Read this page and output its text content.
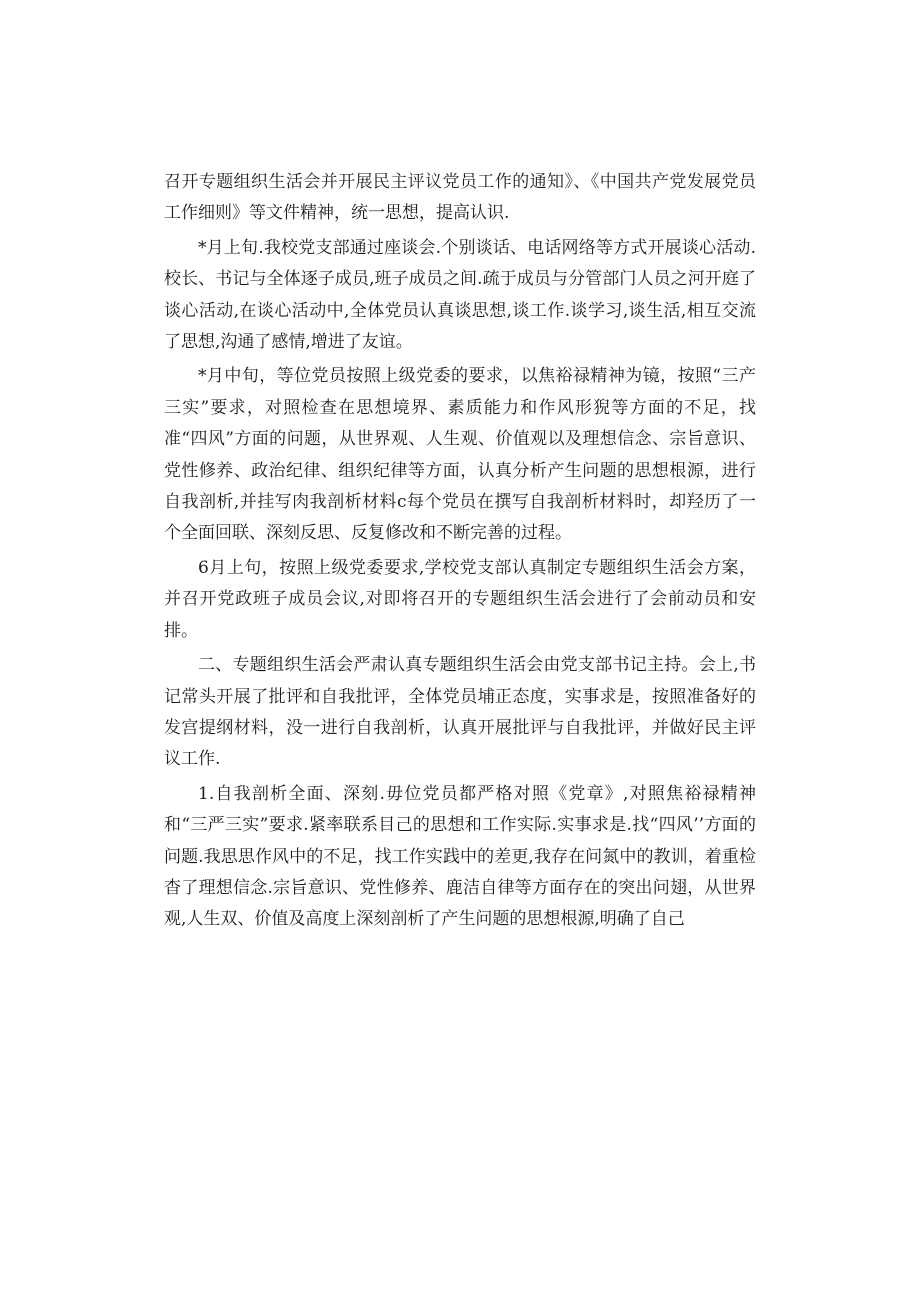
召开专题组织生活会并开展民主评议党员工作的通知》、《中国共产党发展党员工作细则》等文件精神，统一思想，提高认识.

*月上旬.我校党支部通过座谈会.个别谈话、电话网络等方式开展谈心活动.校长、书记与全体逐子成员,班子成员之间.疏于成员与分管部门人员之河开庭了谈心活动,在谈心活动中,全体党员认真谈思想,谈工作.谈学习,谈生活,相互交流了思想,沟通了感情,增进了友谊。

*月中旬，等位党员按照上级党委的要求，以焦裕禄精神为镜，按照“三产三实”要求，对照检查在思想境界、素质能力和作风形猊等方面的不足，找准“四风”方面的问题，从世界观、人生观、价值观以及理想信念、宗旨意识、党性修养、政治纪律、组织纪律等方面，认真分析产生问题的思想根源，进行自我剖析,并挂写肉我剖析材料c每个党员在撰写自我剖析材料时，却羟历了一个全面回联、深刻反思、反复修改和不断完善的过程。

6月上句，按照上级党委要求,学校党支部认真制定专题组织生活会方案，并召开党政班子成员会议,对即将召开的专题组织生活会进行了会前动员和安排。

二、专题组织生活会严肃认真专题组织生活会由党支部书记主持。会上,书记常头开展了批评和自我批评，全体党员埔正态度，实事求是，按照准备好的发宫提纲材料，没一进行自我剖析，认真开展批评与自我批评，并做好民主评议工作.

1.自我剖析全面、深刻.毋位党员都严格对照《党章》,对照焦裕禄精神和“三严三实”要求.紧率联系目己的思想和工作实际.实事求是.找“四风’’方面的问题.我思思作风中的不足，找工作实践中的差更,我存在问氮中的教训，着重检杳了理想信念.宗旨意识、党性修养、鹿洁自律等方面存在的突出问翅，从世界观,人生双、价值及高度上深刻剖析了产生问题的思想根源,明确了自己
